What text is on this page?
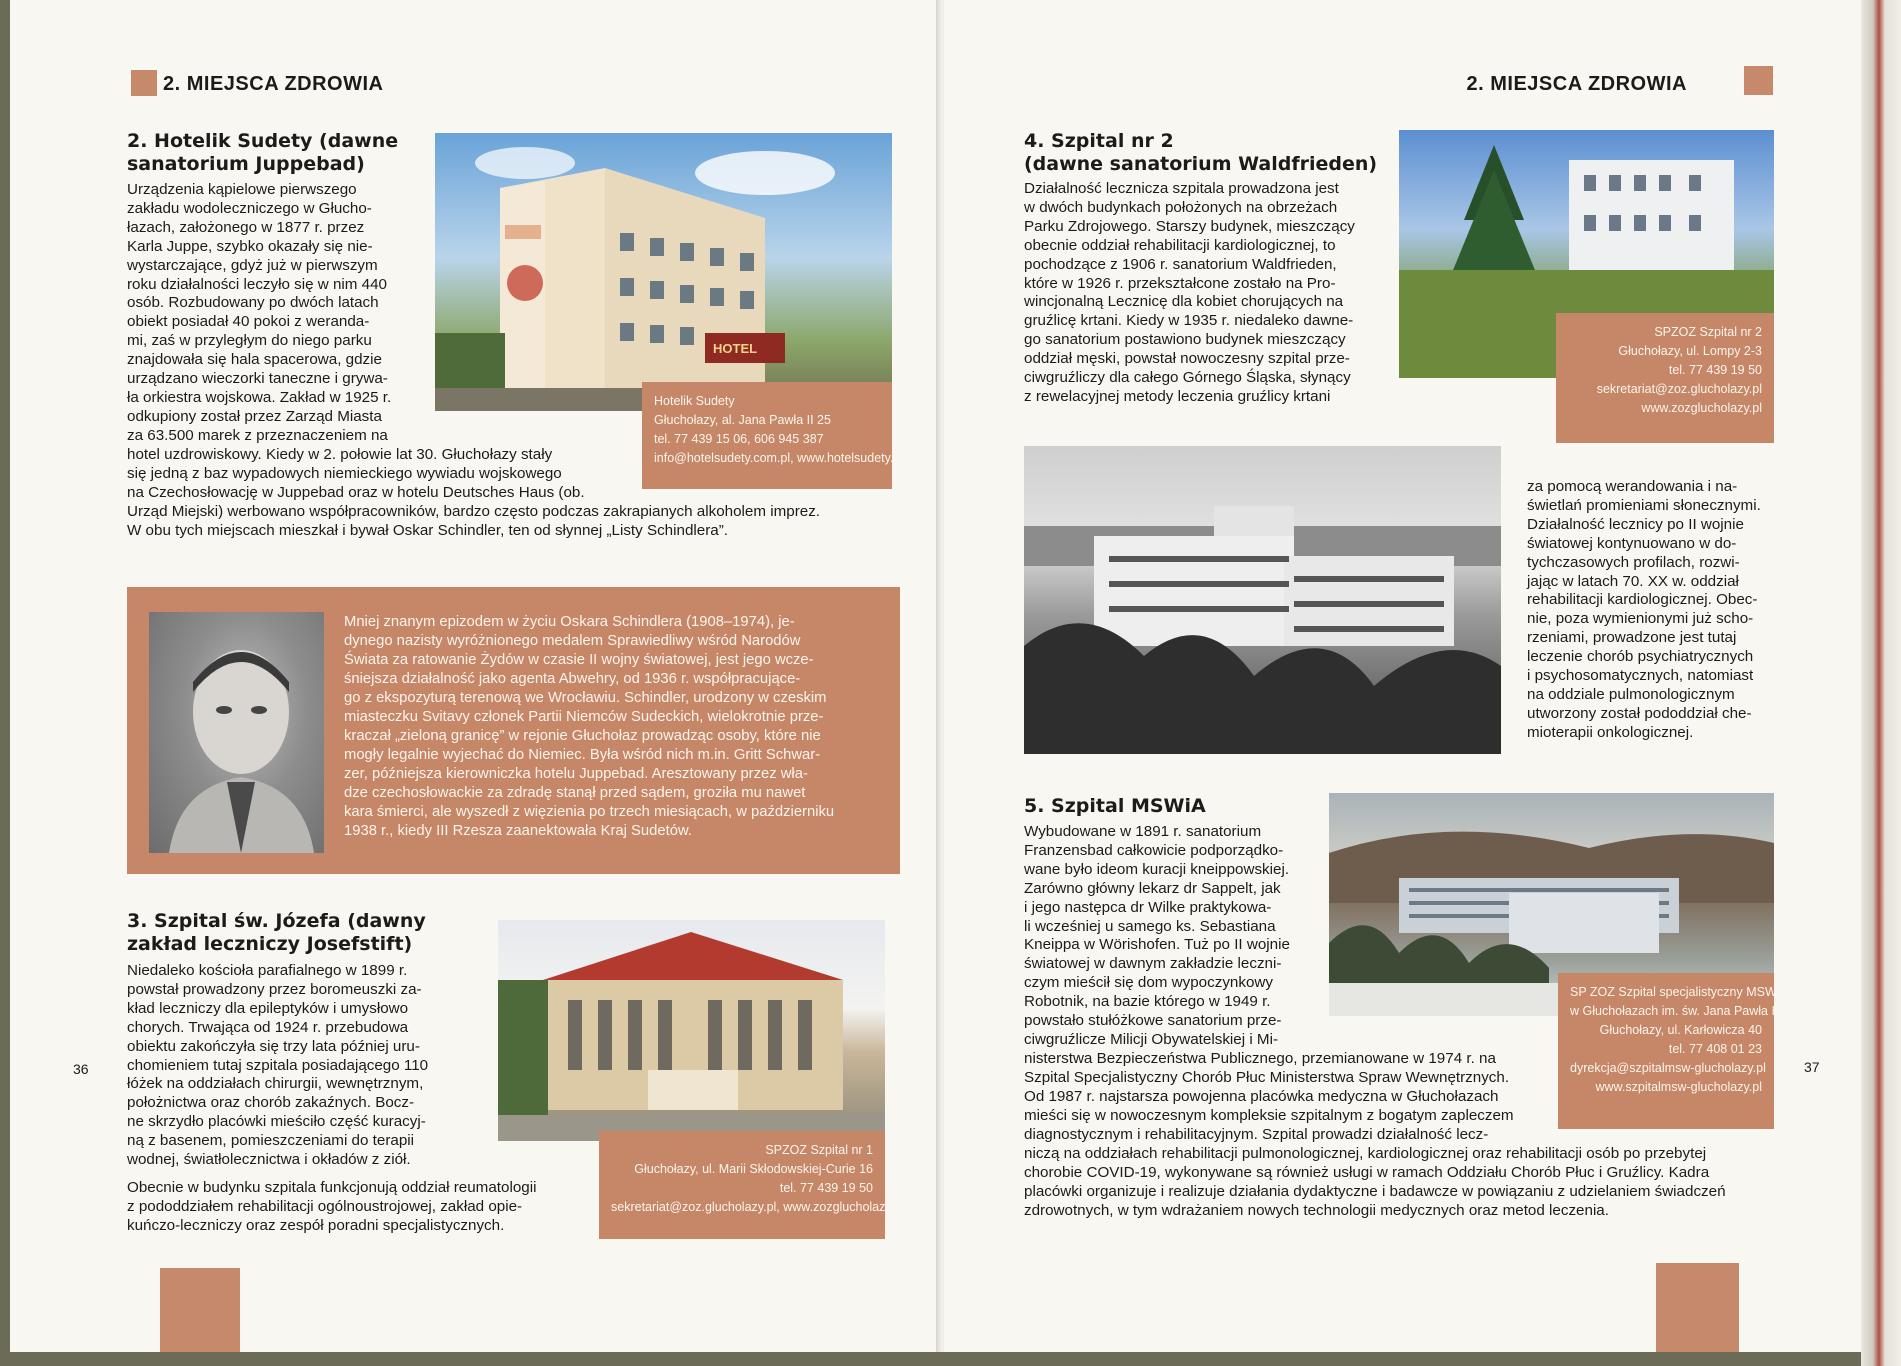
2. MIEJSCA ZDROWIA
2. Hotelik Sudety (dawne
sanatorium Juppebad)
HOTEL
Hotelik Sudety
Głuchołazy, al. Jana Pawła II 25
tel. 77 439 15 06, 606 945 387
info@hotelsudety.com.pl, www.hotelsudety.pl

Urządzenia kąpielowe pierwszego

zakładu wodoleczniczego w Głucho-

łazach, założonego w 1877 r. przez

Karla Juppe, szybko okazały się nie-

wystarczające, gdyż już w pierwszym

roku działalności leczyło się w nim 440

osób. Rozbudowany po dwóch latach

obiekt posiadał 40 pokoi z weranda-

mi, zaś w przyległym do niego parku

znajdowała się hala spacerowa, gdzie

urządzano wieczorki taneczne i grywa-

ła orkiestra wojskowa. Zakład w 1925 r.

odkupiony został przez Zarząd Miasta

za 63.500 marek z przeznaczeniem na

hotel uzdrowiskowy. Kiedy w 2. połowie lat 30. Głuchołazy stały

się jedną z baz wypadowych niemieckiego wywiadu wojskowego

na Czechosłowację w Juppebad oraz w hotelu Deutsches Haus (ob.

Urząd Miejski) werbowano współpracowników, bardzo często podczas zakrapianych alkoholem imprez.

W obu tych miejscach mieszkał i bywał Oskar Schindler, ten od słynnej „Listy Schindlera”.

Mniej znanym epizodem w życiu Oskara Schindlera (1908–1974), je-
dynego nazisty wyróżnionego medalem Sprawiedliwy wśród Narodów
Świata za ratowanie Żydów w czasie II wojny światowej, jest jego wcze-
śniejsza działalność jako agenta Abwehry, od 1936 r. współpracujące-
go z ekspozyturą terenową we Wrocławiu. Schindler, urodzony w czeskim
miasteczku Svitavy członek Partii Niemców Sudeckich, wielokrotnie prze-
kraczał „zieloną granicę” w rejonie Głuchołaz prowadząc osoby, które nie
mogły legalnie wyjechać do Niemiec. Była wśród nich m.in. Gritt Schwar-
zer, późniejsza kierowniczka hotelu Juppebad. Aresztowany przez wła-
dze czechosłowackie za zdradę stanął przed sądem, groziła mu nawet
kara śmierci, ale wyszedł z więzienia po trzech miesiącach, w październiku
1938 r., kiedy III Rzesza zaanektowała Kraj Sudetów.
3. Szpital św. Józefa (dawny
zakład leczniczy Josefstift)
SPZOZ Szpital nr 1
Głuchołazy, ul. Marii Skłodowskiej-Curie 16
tel. 77 439 19 50
sekretariat@zoz.glucholazy.pl, www.zozglucholazy.pl

Niedaleko kościoła parafialnego w 1899 r.

powstał prowadzony przez boromeuszki za-

kład leczniczy dla epileptyków i umysłowo

chorych. Trwająca od 1924 r. przebudowa

obiektu zakończyła się trzy lata później uru-

chomieniem tutaj szpitala posiadającego 110

łóżek na oddziałach chirurgii, wewnętrznym,

położnictwa oraz chorób zakaźnych. Bocz-

ne skrzydło placówki mieściło część kuracyj-

ną z basenem, pomieszczeniami do terapii

wodnej, światłolecznictwa i okładów z ziół.

Obecnie w budynku szpitala funkcjonują oddział reumatologii

z pododdziałem rehabilitacji ogólnoustrojowej, zakład opie-

kuńczo-leczniczy oraz zespół poradni specjalistycznych.

36
2. MIEJSCA ZDROWIA
4. Szpital nr 2
(dawne sanatorium Waldfrieden)
SPZOZ Szpital nr 2
Głuchołazy, ul. Lompy 2-3
tel. 77 439 19 50
sekretariat@zoz.glucholazy.pl
www.zozglucholazy.pl

Działalność lecznicza szpitala prowadzona jest

w dwóch budynkach położonych na obrzeżach

Parku Zdrojowego. Starszy budynek, mieszczący

obecnie oddział rehabilitacji kardiologicznej, to

pochodzące z 1906 r. sanatorium Waldfrieden,

które w 1926 r. przekształcone zostało na Pro-

wincjonalną Lecznicę dla kobiet chorujących na

gruźlicę krtani. Kiedy w 1935 r. niedaleko dawne-

go sanatorium postawiono budynek mieszczący

oddział męski, powstał nowoczesny szpital prze-

ciwgruźliczy dla całego Górnego Śląska, słynący

z rewelacyjnej metody leczenia gruźlicy krtani

za pomocą werandowania i na-

świetlań promieniami słonecznymi.

Działalność lecznicy po II wojnie

światowej kontynuowano w do-

tychczasowych profilach, rozwi-

jając w latach 70. XX w. oddział

rehabilitacji kardiologicznej. Obec-

nie, poza wymienionymi już scho-

rzeniami, prowadzone jest tutaj

leczenie chorób psychiatrycznych

i psychosomatycznych, natomiast

na oddziale pulmonologicznym

utworzony został pododdział che-

mioterapii onkologicznej.

5. Szpital MSWiA
SP ZOZ Szpital specjalistyczny MSWiA
w Głuchołazach im. św. Jana Pawła II
Głuchołazy, ul. Karłowicza 40
tel. 77 408 01 23
dyrekcja@szpitalmsw-glucholazy.pl
www.szpitalmsw-glucholazy.pl

Wybudowane w 1891 r. sanatorium

Franzensbad całkowicie podporządko-

wane było ideom kuracji kneippowskiej.

Zarówno główny lekarz dr Sappelt, jak

i jego następca dr Wilke praktykowa-

li wcześniej u samego ks. Sebastiana

Kneippa w Wörishofen. Tuż po II wojnie

światowej w dawnym zakładzie leczni-

czym mieścił się dom wypoczynkowy

Robotnik, na bazie którego w 1949 r.

powstało stułóżkowe sanatorium prze-

ciwgruźlicze Milicji Obywatelskiej i Mi-

nisterstwa Bezpieczeństwa Publicznego, przemianowane w 1974 r. na

Szpital Specjalistyczny Chorób Płuc Ministerstwa Spraw Wewnętrznych.

Od 1987 r. najstarsza powojenna placówka medyczna w Głuchołazach

mieści się w nowoczesnym kompleksie szpitalnym z bogatym zapleczem

diagnostycznym i rehabilitacyjnym. Szpital prowadzi działalność lecz-

niczą na oddziałach rehabilitacji pulmonologicznej, kardiologicznej oraz rehabilitacji osób po przebytej

chorobie COVID-19, wykonywane są również usługi w ramach Oddziału Chorób Płuc i Gruźlicy. Kadra

placówki organizuje i realizuje działania dydaktyczne i badawcze w powiązaniu z udzielaniem świadczeń

zdrowotnych, w tym wdrażaniem nowych technologii medycznych oraz metod leczenia.

37
